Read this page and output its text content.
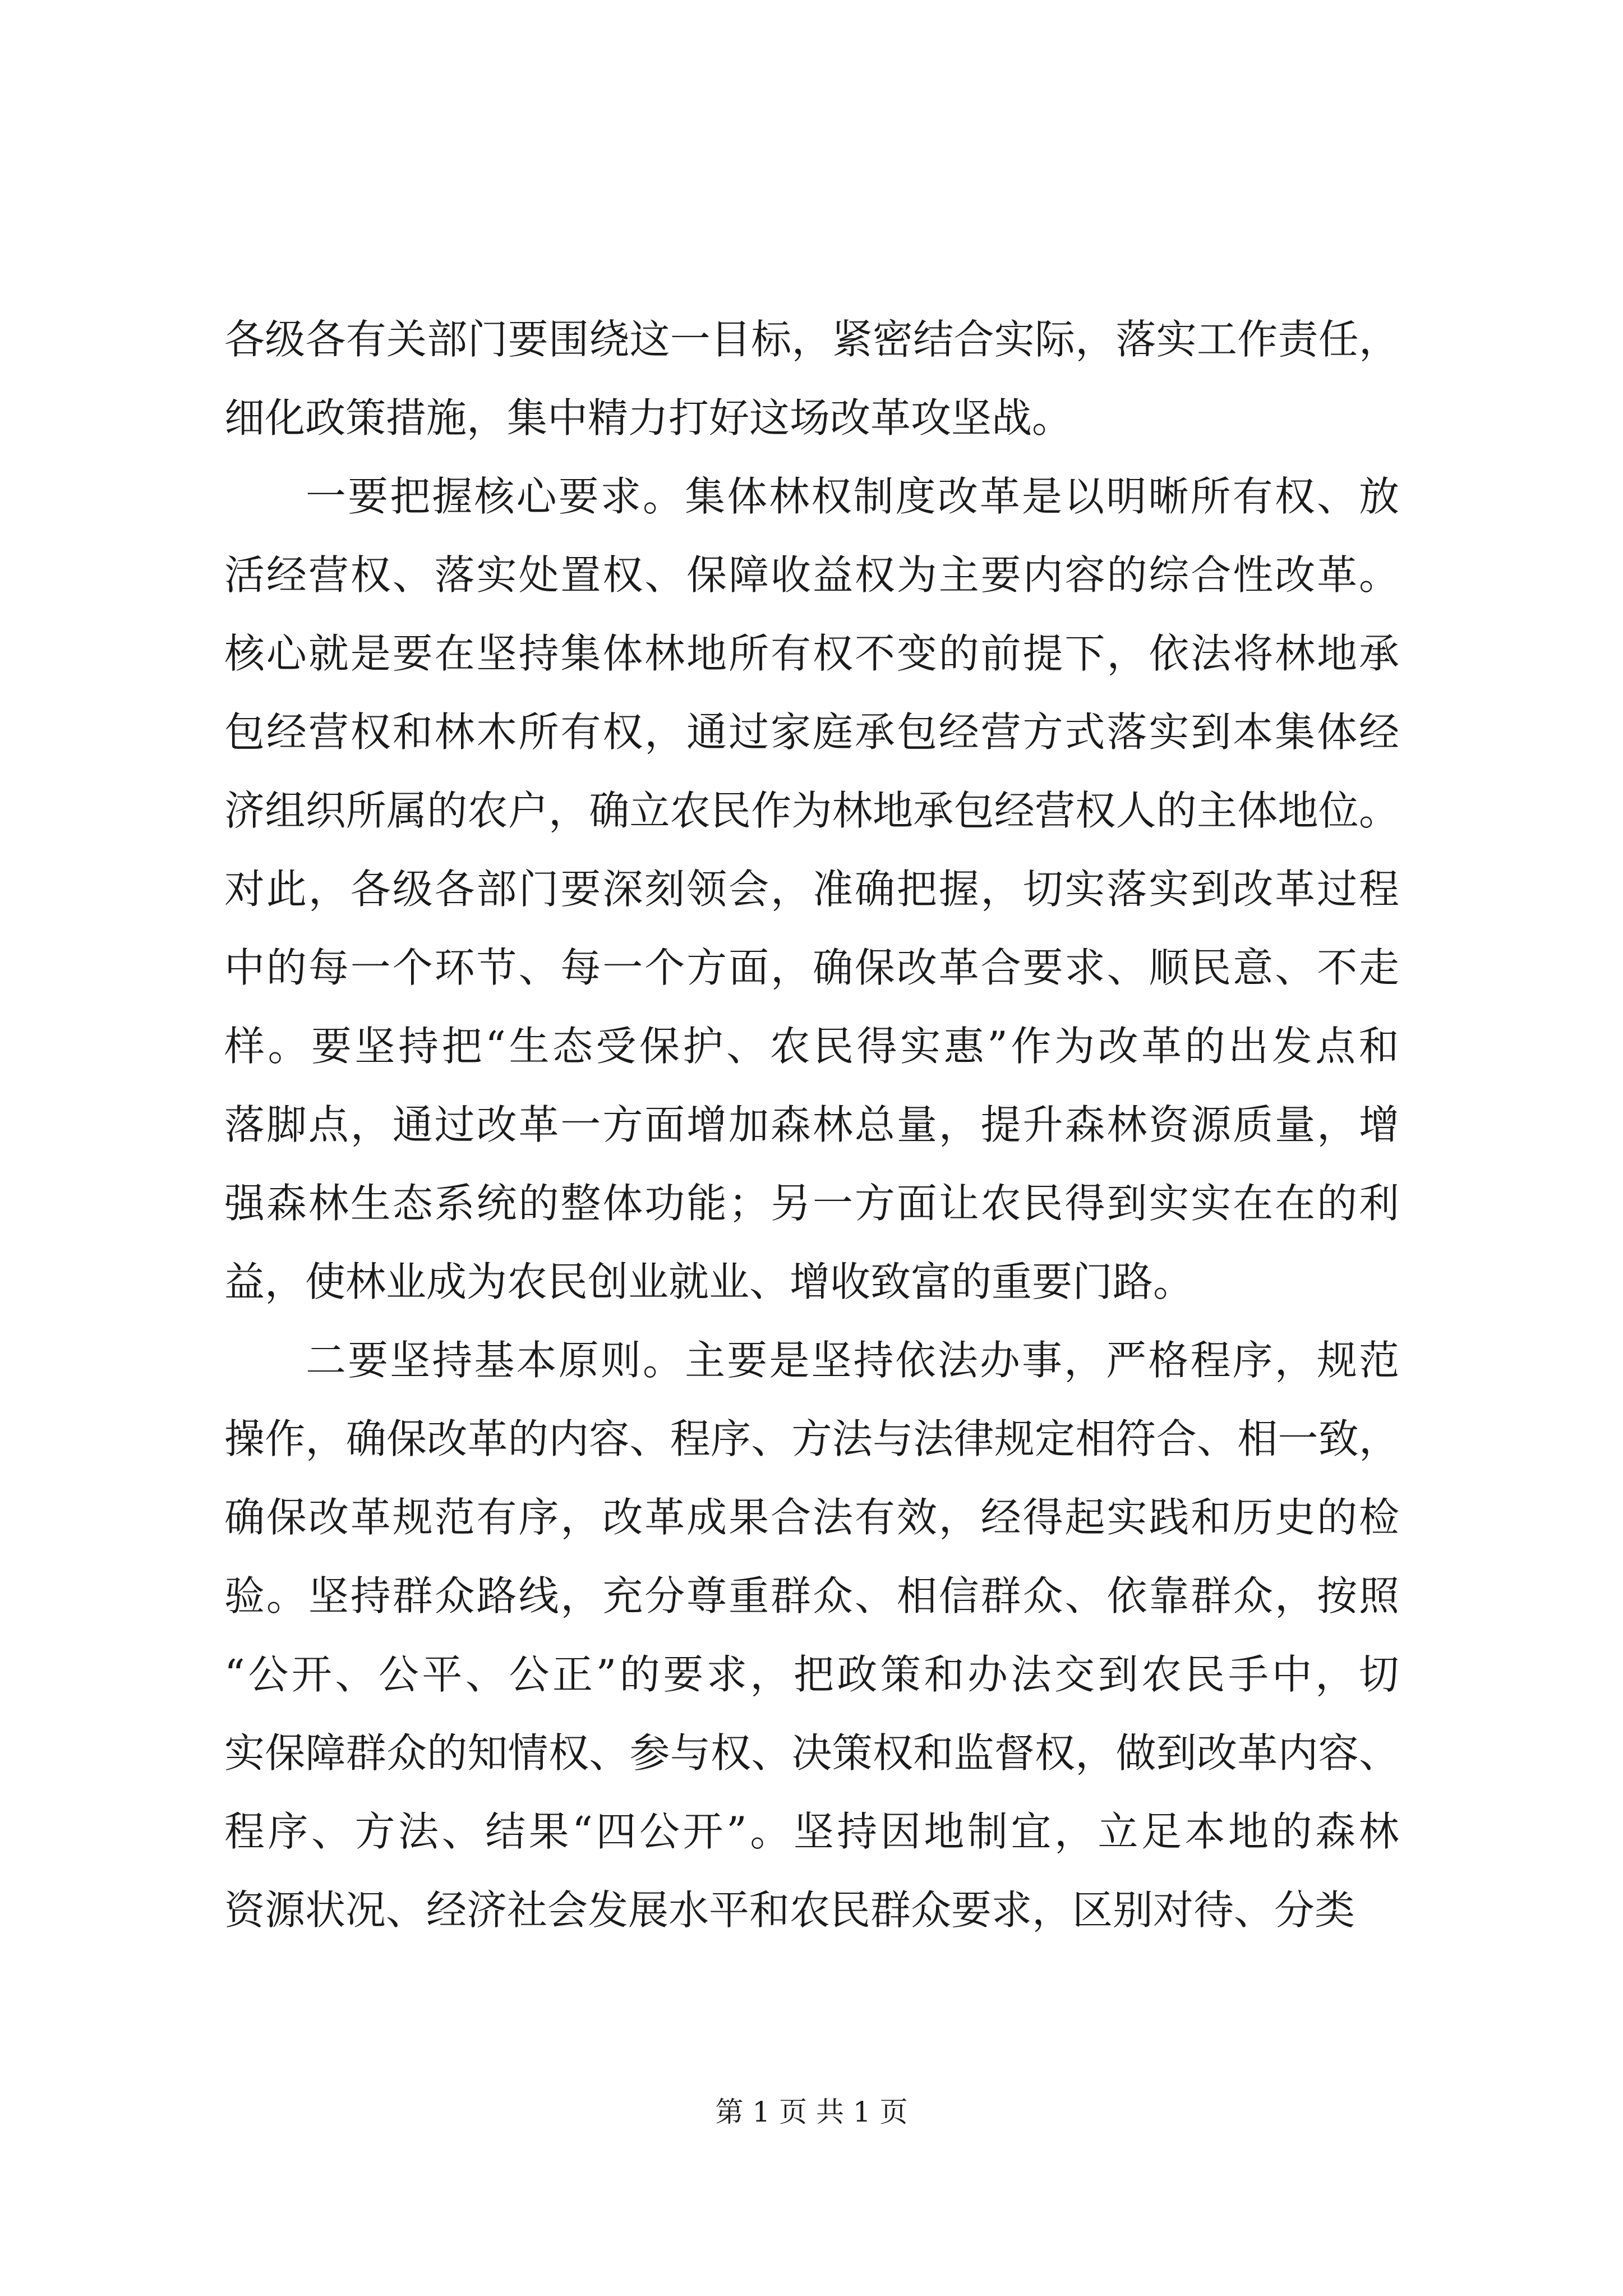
各级各有关部门要围绕这一目标，紧密结合实际，落实工作责任，
细化政策措施，集中精力打好这场改革攻坚战。
一要把握核心要求。集体林权制度改革是以明晰所有权、放
活经营权、落实处置权、保障收益权为主要内容的综合性改革。
核心就是要在坚持集体林地所有权不变的前提下，依法将林地承
包经营权和林木所有权，通过家庭承包经营方式落实到本集体经
济组织所属的农户，确立农民作为林地承包经营权人的主体地位。
对此，各级各部门要深刻领会，准确把握，切实落实到改革过程
中的每一个环节、每一个方面，确保改革合要求、顺民意、不走
样。要坚持把“生态受保护、农民得实惠”作为改革的出发点和
落脚点，通过改革一方面增加森林总量，提升森林资源质量，增
强森林生态系统的整体功能；另一方面让农民得到实实在在的利
益，使林业成为农民创业就业、增收致富的重要门路。
二要坚持基本原则。主要是坚持依法办事，严格程序，规范
操作，确保改革的内容、程序、方法与法律规定相符合、相一致，
确保改革规范有序，改革成果合法有效，经得起实践和历史的检
验。坚持群众路线，充分尊重群众、相信群众、依靠群众，按照
“公开、公平、公正”的要求，把政策和办法交到农民手中，切
实保障群众的知情权、参与权、决策权和监督权，做到改革内容、
程序、方法、结果“四公开”。坚持因地制宜，立足本地的森林
资源状况、经济社会发展水平和农民群众要求，区别对待、分类
第 1 页 共 1 页
